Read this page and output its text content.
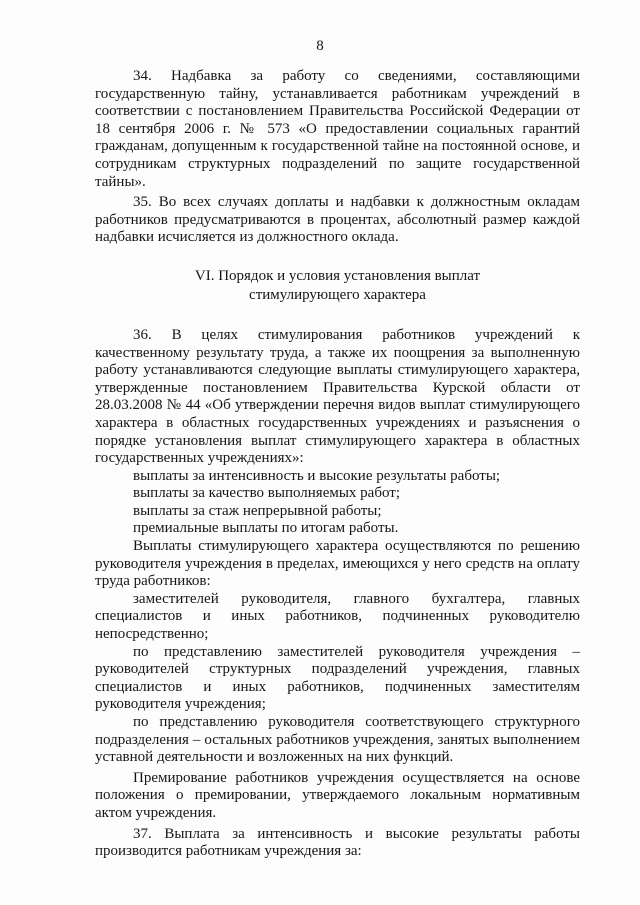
8

34. Надбавка за работу со сведениями, составляющими государственную тайну, устанавливается работникам учреждений в соответствии с постановлением Правительства Российской Федерации от 18 сентября 2006 г. № 573 «О предоставлении социальных гарантий гражданам, допущенным к государственной тайне на постоянной основе, и сотрудникам структурных подразделений по защите государственной тайны».

35. Во всех случаях доплаты и надбавки к должностным окладам работников предусматриваются в процентах, абсолютный размер каждой надбавки исчисляется из должностного оклада.

VI. Порядок и условия установления выплат
стимулирующего характера

36. В целях стимулирования работников учреждений к качественному результату труда, а также их поощрения за выполненную работу устанавливаются следующие выплаты стимулирующего характера, утвержденные постановлением Правительства Курской области от 28.03.2008 № 44 «Об утверждении перечня видов выплат стимулирующего характера в областных государственных учреждениях и разъяснения о порядке установления выплат стимулирующего характера в областных государственных учреждениях»:

выплаты за интенсивность и высокие результаты работы;

выплаты за качество выполняемых работ;

выплаты за стаж непрерывной работы;

премиальные выплаты по итогам работы.

Выплаты стимулирующего характера осуществляются по решению руководителя учреждения в пределах, имеющихся у него средств на оплату труда работников:

заместителей руководителя, главного бухгалтера, главных специалистов и иных работников, подчиненных руководителю непосредственно;

по представлению заместителей руководителя учреждения – руководителей структурных подразделений учреждения, главных специалистов и иных работников, подчиненных заместителям руководителя учреждения;

по представлению руководителя соответствующего структурного подразделения – остальных работников учреждения, занятых выполнением уставной деятельности и возложенных на них функций.

Премирование работников учреждения осуществляется на основе положения о премировании, утверждаемого локальным нормативным актом учреждения.

37. Выплата за интенсивность и высокие результаты работы производится работникам учреждения за:
